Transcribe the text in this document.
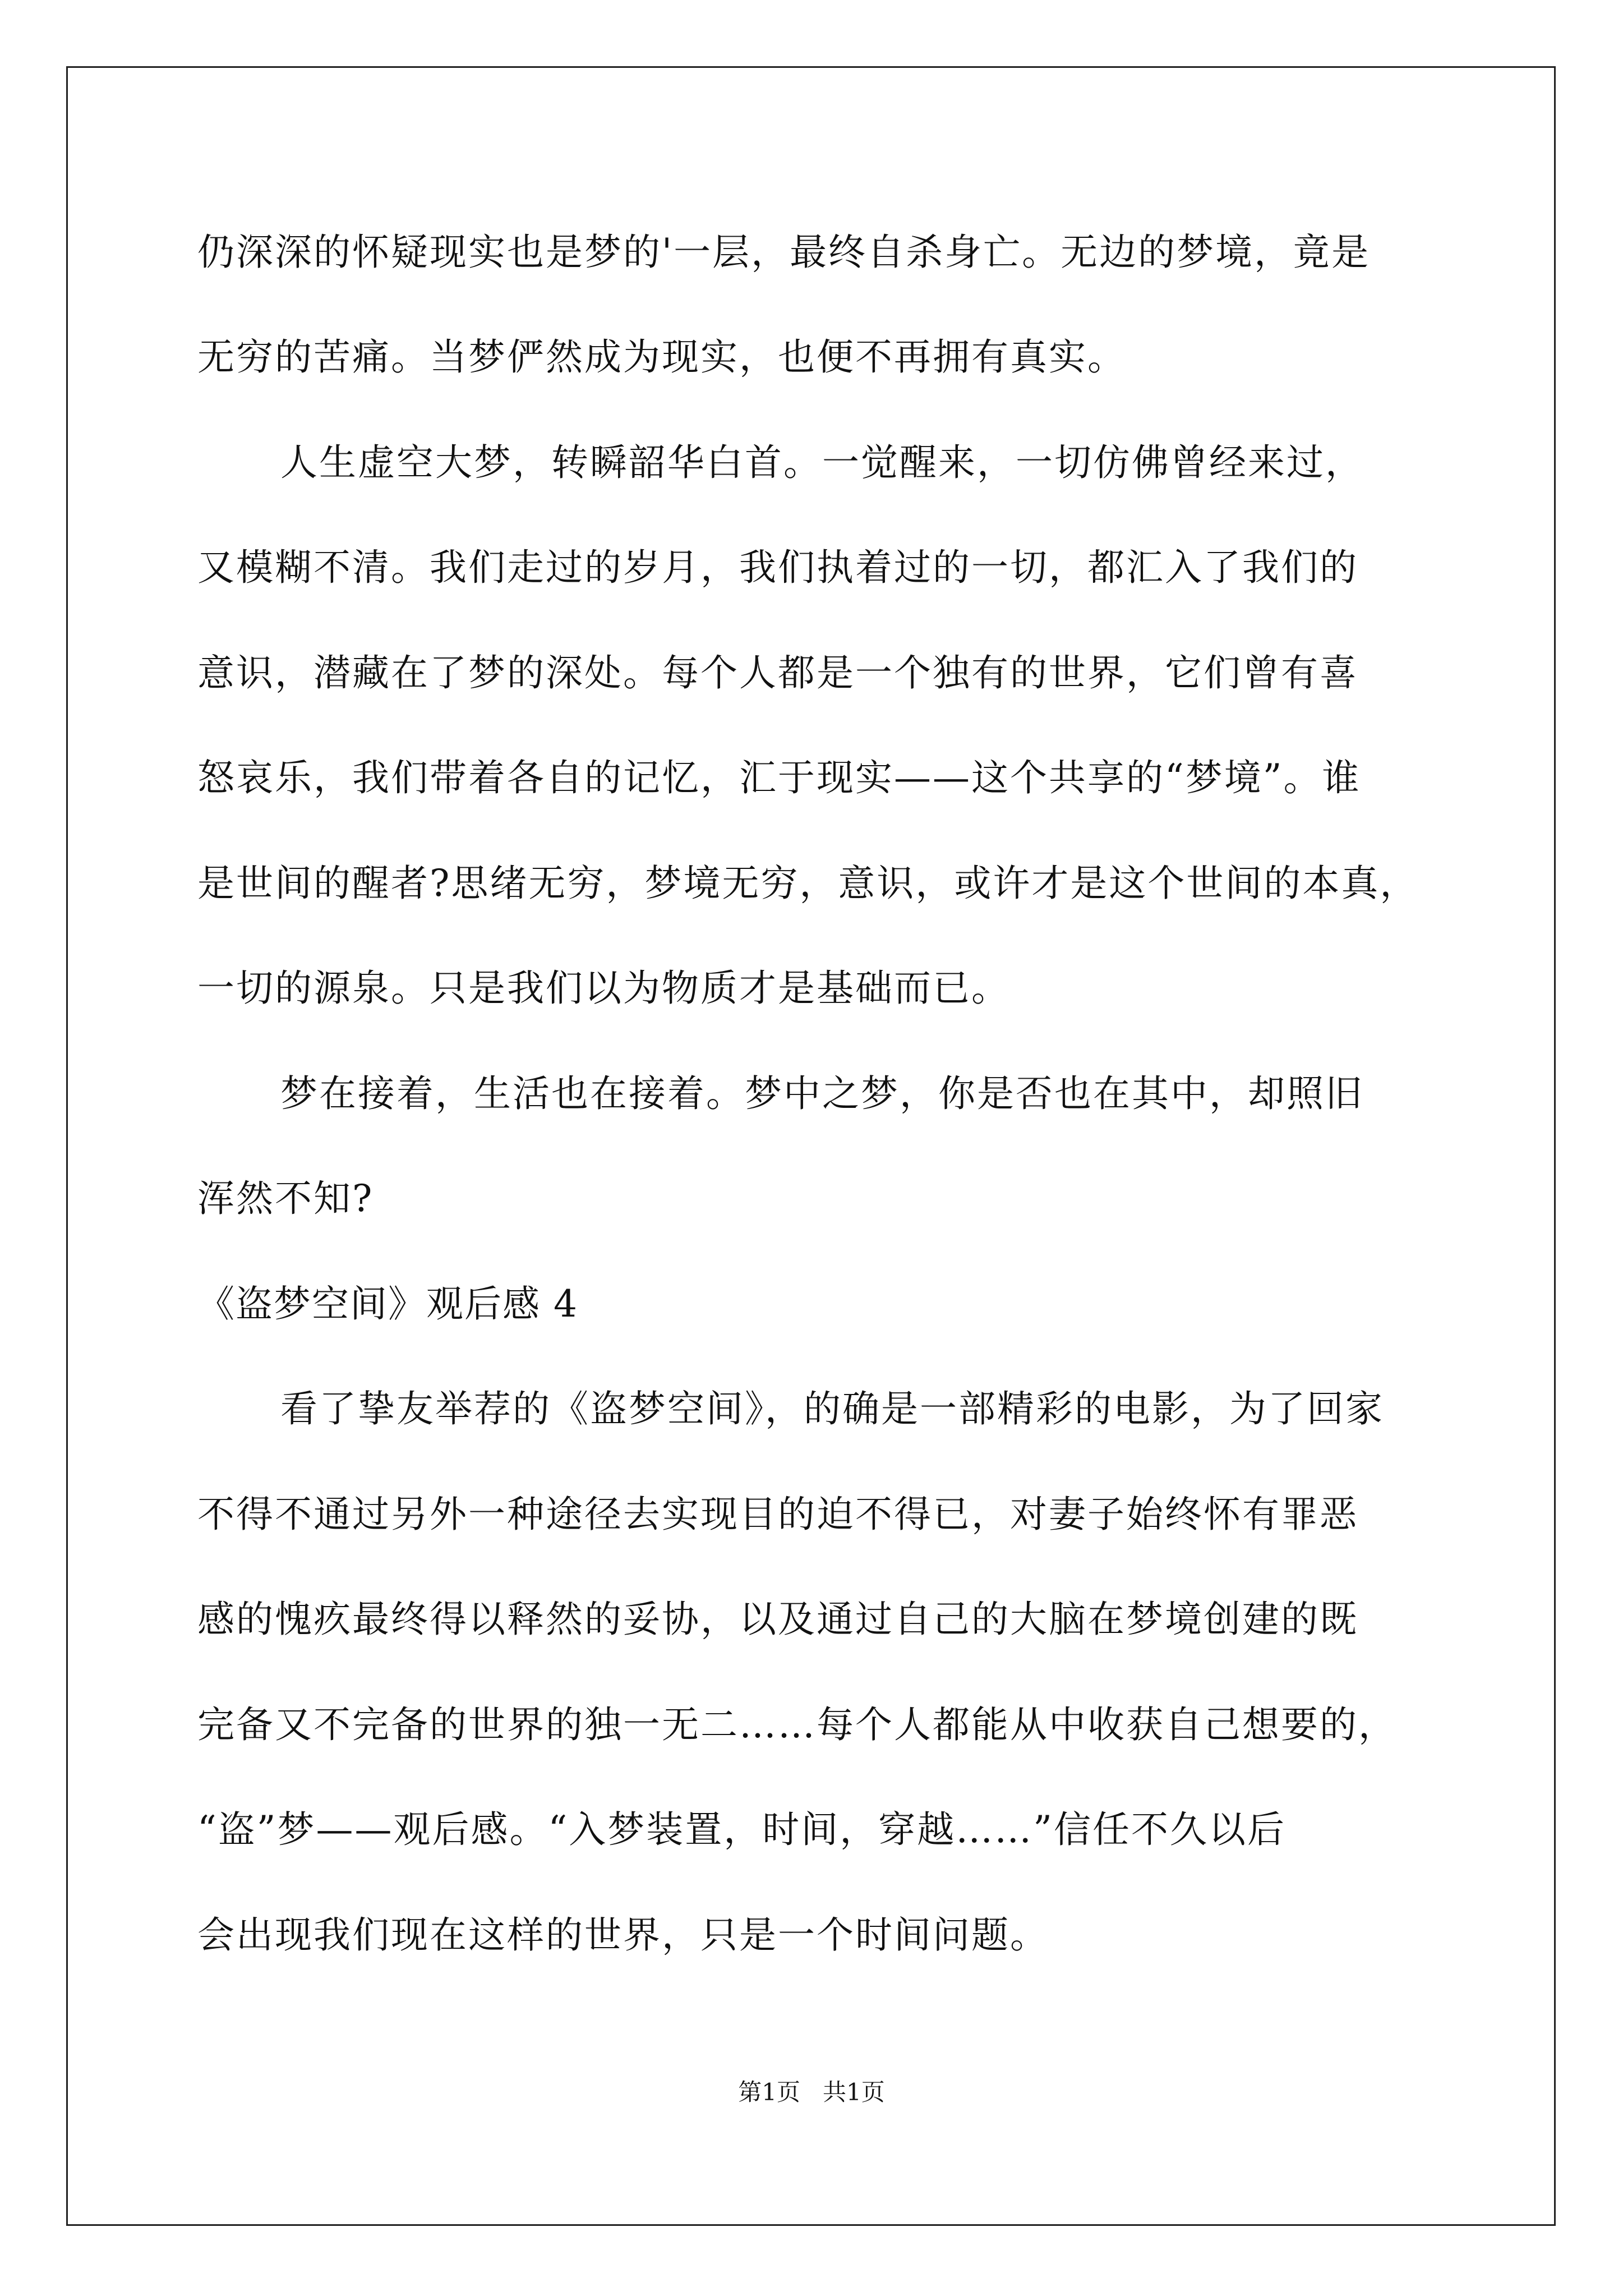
仍深深的怀疑现实也是梦的'一层，最终自杀身亡。无边的梦境，竟是
无穷的苦痛。当梦俨然成为现实，也便不再拥有真实。
人生虚空大梦，转瞬韶华白首。一觉醒来，一切仿佛曾经来过，
又模糊不清。我们走过的岁月，我们执着过的一切，都汇入了我们的
意识，潜藏在了梦的深处。每个人都是一个独有的世界，它们曾有喜
怒哀乐，我们带着各自的记忆，汇于现实——这个共享的“梦境”。谁
是世间的醒者?思绪无穷，梦境无穷，意识，或许才是这个世间的本真，
一切的源泉。只是我们以为物质才是基础而已。
梦在接着，生活也在接着。梦中之梦，你是否也在其中，却照旧
浑然不知?
《盗梦空间》观后感 4
看了挚友举荐的《盗梦空间》，的确是一部精彩的电影，为了回家
不得不通过另外一种途径去实现目的迫不得已，对妻子始终怀有罪恶
感的愧疚最终得以释然的妥协，以及通过自己的大脑在梦境创建的既
完备又不完备的世界的独一无二……每个人都能从中收获自己想要的，
“盗”梦——观后感。“入梦装置，时间，穿越……”信任不久以后
会出现我们现在这样的世界，只是一个时间问题。
第1页   共1页
